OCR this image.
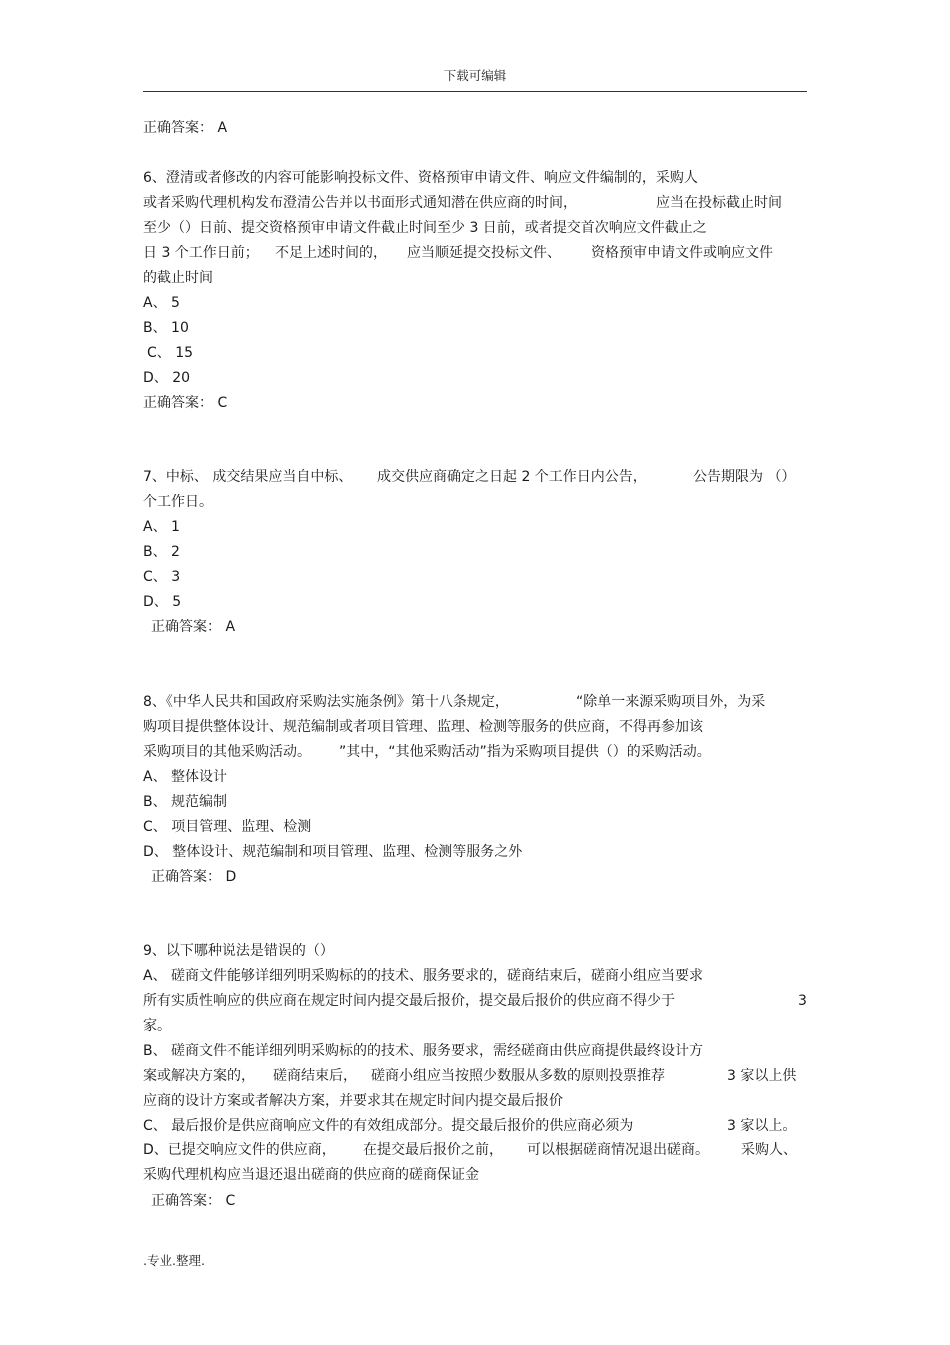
下载可编辑
正确答案： A
6、澄清或者修改的内容可能影响投标文件、资格预审申请文件、响应文件编制的，采购人
或者采购代理机构发布澄清公告并以书面形式通知潜在供应商的时间，	应当在投标截止时间
至少（）日前、提交资格预审申请文件截止时间至少 3 日前，或者提交首次响应文件截止之
日 3 个工作日前； 不足上述时间的， 应当顺延提交投标文件、 资格预审申请文件或响应文件
的截止时间
A、 5
B、 10
C、 15
D、 20
正确答案： C
7、中标、 成交结果应当自中标、 成交供应商确定之日起 2 个工作日内公告，	公告期限为 （）
个工作日。
A、 1
B、 2
C、 3
D、 5
正确答案： A
8、《中华人民共和国政府采购法实施条例》第十八条规定，	“除单一来源采购项目外，为采
购项目提供整体设计、规范编制或者项目管理、监理、检测等服务的供应商，不得再参加该
采购项目的其他采购活动。 ”其中，“其他采购活动”指为采购项目提供（）的采购活动。
A、 整体设计
B、 规范编制
C、 项目管理、监理、检测
D、 整体设计、规范编制和项目管理、监理、检测等服务之外
正确答案： D
9、以下哪种说法是错误的（）
A、 磋商文件能够详细列明采购标的的技术、服务要求的，磋商结束后，磋商小组应当要求
所有实质性响应的供应商在规定时间内提交最后报价，提交最后报价的供应商不得少于	3
家。
B、 磋商文件不能详细列明采购标的的技术、服务要求，需经磋商由供应商提供最终设计方
案或解决方案的， 磋商结束后， 磋商小组应当按照少数服从多数的原则投票推荐	3 家以上供
应商的设计方案或者解决方案，并要求其在规定时间内提交最后报价
C、 最后报价是供应商响应文件的有效组成部分。提交最后报价的供应商必须为	3 家以上。
D、已提交响应文件的供应商， 在提交最后报价之前， 可以根据磋商情况退出磋商。 采购人、
采购代理机构应当退还退出磋商的供应商的磋商保证金
正确答案： C
.专业.整理.
